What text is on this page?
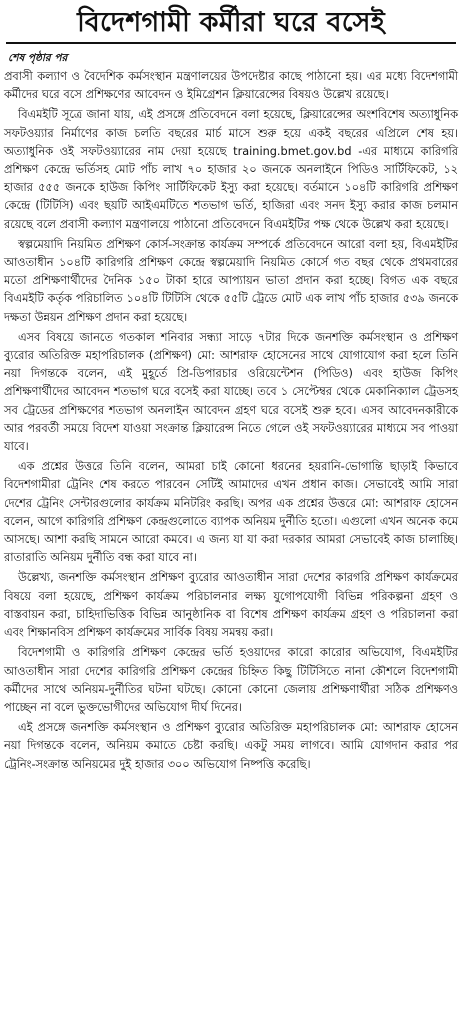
বিদেশগামী কর্মীরা ঘরে বসেই
শেষ পৃষ্ঠার পর

প্রবাসী কল্যাণ ও বৈদেশিক কর্মসংস্থান মন্ত্রণালয়ের উপদেষ্টার কাছে পাঠানো হয়। এর মধ্যে বিদেশগামী কর্মীদের ঘরে বসে প্রশিক্ষণের আবেদন ও ইমিগ্রেশন ক্লিয়ারেন্সের বিষয়ও উল্লেখ রয়েছে।

বিএমইটি সূত্রে জানা যায়, এই প্রসঙ্গে প্রতিবেদনে বলা হয়েছে, ক্লিয়ারেন্সের অংশবিশেষ অত্যাধুনিক সফটওয়্যার নির্মাণের কাজ চলতি বছরের মার্চ মাসে শুরু হয়ে একই বছরের এপ্রিলে শেষ হয়। অত্যাধুনিক ওই সফটওয়্যারের নাম দেয়া হয়েছে training.bmet.gov.bd -এর মাধ্যমে কারিগরি প্রশিক্ষণ কেন্দ্রে ভর্তিসহ মোট পাঁচ লাখ ৭০ হাজার ২০ জনকে অনলাইনে পিডিও সার্টিফিকেট, ১২ হাজার ৫৫৫ জনকে হাউজ কিপিং সার্টিফিকেট ইস্যু করা হয়েছে। বর্তমানে ১০৪টি কারিগরি প্রশিক্ষণ কেন্দ্রে (টিটিসি) এবং ছয়টি আইএমটিতে শতভাগ ভর্তি, হাজিরা এবং সনদ ইস্যু করার কাজ চলমান রয়েছে বলে প্রবাসী কল্যাণ মন্ত্রণালয়ে পাঠানো প্রতিবেদনে বিএমইটির পক্ষ থেকে উল্লেখ করা হয়েছে।

স্বল্পমেয়াদি নিয়মিত প্রশিক্ষণ কোর্স-সংক্রান্ত কার্যক্রম সম্পর্কে প্রতিবেদনে আরো বলা হয়, বিএমইটির আওতাধীন ১০৪টি কারিগরি প্রশিক্ষণ কেন্দ্রে স্বল্পমেয়াদি নিয়মিত কোর্সে গত বছর থেকে প্রথমবারের মতো প্রশিক্ষণার্থীদের দৈনিক ১৫০ টাকা হারে আপ্যায়ন ভাতা প্রদান করা হচ্ছে। বিগত এক বছরে বিএমইটি কর্তৃক পরিচালিত ১০৪টি টিটিসি থেকে ৫৫টি ট্রেডে মোট এক লাখ পাঁচ হাজার ৫৩৯ জনকে দক্ষতা উন্নয়ন প্রশিক্ষণ প্রদান করা হয়েছে।

এসব বিষয়ে জানতে গতকাল শনিবার সন্ধ্যা সাড়ে ৭টার দিকে জনশক্তি কর্মসংস্থান ও প্রশিক্ষণ ব্যুরোর অতিরিক্ত মহাপরিচালক (প্রশিক্ষণ) মো: আশরাফ হোসেনের সাথে যোগাযোগ করা হলে তিনি নয়া দিগন্তকে বলেন, এই মুহূর্তে প্রি-ডিপারচার ওরিয়েন্টেশন (পিডিও) এবং হাউজ কিপিং প্রশিক্ষণার্থীদের আবেদন শতভাগ ঘরে বসেই করা যাচ্ছে। তবে ১ সেপ্টেম্বর থেকে মেকানিক্যাল ট্রেডসহ সব ট্রেডের প্রশিক্ষণের শতভাগ অনলাইন আবেদন গ্রহণ ঘরে বসেই শুরু হবে। এসব আবেদনকারীকে আর পরবর্তী সময়ে বিদেশ যাওয়া সংক্রান্ত ক্লিয়ারেন্স নিতে গেলে ওই সফটওয়্যারের মাধ্যমে সব পাওয়া যাবে।

এক প্রশ্নের উত্তরে তিনি বলেন, আমরা চাই কোনো ধরনের হয়রানি-ভোগান্তি ছাড়াই কিভাবে বিদেশগামীরা ট্রেনিং শেষ করতে পারবেন সেটিই আমাদের এখন প্রধান কাজ। সেভাবেই আমি সারা দেশের ট্রেনিং সেন্টারগুলোর কার্যক্রম মনিটরিং করছি। অপর এক প্রশ্নের উত্তরে মো: আশরাফ হোসেন বলেন, আগে কারিগরি প্রশিক্ষণ কেন্দ্রগুলোতে ব্যাপক অনিয়ম দুর্নীতি হতো। এগুলো এখন অনেক কমে আসছে। আশা করছি সামনে আরো কমবে। এ জন্য যা যা করা দরকার আমরা সেভাবেই কাজ চালাচ্ছি। রাতারাতি অনিয়ম দুর্নীতি বন্ধ করা যাবে না।

উল্লেখ্য, জনশক্তি কর্মসংস্থান প্রশিক্ষণ ব্যুরোর আওতাধীন সারা দেশের কারগরি প্রশিক্ষণ কার্যক্রমের বিষয়ে বলা হয়েছে, প্রশিক্ষণ কার্যক্রম পরিচালনার লক্ষ্য যুগোপযোগী বিভিন্ন পরিকল্পনা গ্রহণ ও বাস্তবায়ন করা, চাহিদাভিত্তিক বিভিন্ন আনুষ্ঠানিক বা বিশেষ প্রশিক্ষণ কার্যক্রম গ্রহণ ও পরিচালনা করা এবং শিক্ষানবিস প্রশিক্ষণ কার্যক্রমের সার্বিক বিষয় সমন্বয় করা।

বিদেশগামী ও কারিগরি প্রশিক্ষণ কেন্দ্রের ভর্তি হওয়াদের কারো কারোর অভিযোগ, বিএমইটির আওতাধীন সারা দেশের কারিগরি প্রশিক্ষণ কেন্দ্রের চিহ্নিত কিছু টিটিসিতে নানা কৌশলে বিদেশগামী কর্মীদের সাথে অনিয়ম-দুর্নীতির ঘটনা ঘটছে। কোনো কোনো জেলায় প্রশিক্ষণার্থীরা সঠিক প্রশিক্ষণও পাচ্ছেন না বলে ভুক্তভোগীদের অভিযোগ দীর্ঘ দিনের।

এই প্রসঙ্গে জনশক্তি কর্মসংস্থান ও প্রশিক্ষণ ব্যুরোর অতিরিক্ত মহাপরিচালক মো: আশরাফ হোসেন নয়া দিগন্তকে বলেন, অনিয়ম কমাতে চেষ্টা করছি। একটু সময় লাগবে। আমি যোগদান করার পর ট্রেনিং-সংক্রান্ত অনিয়মের দুই হাজার ৩০০ অভিযোগ নিষ্পত্তি করেছি।
